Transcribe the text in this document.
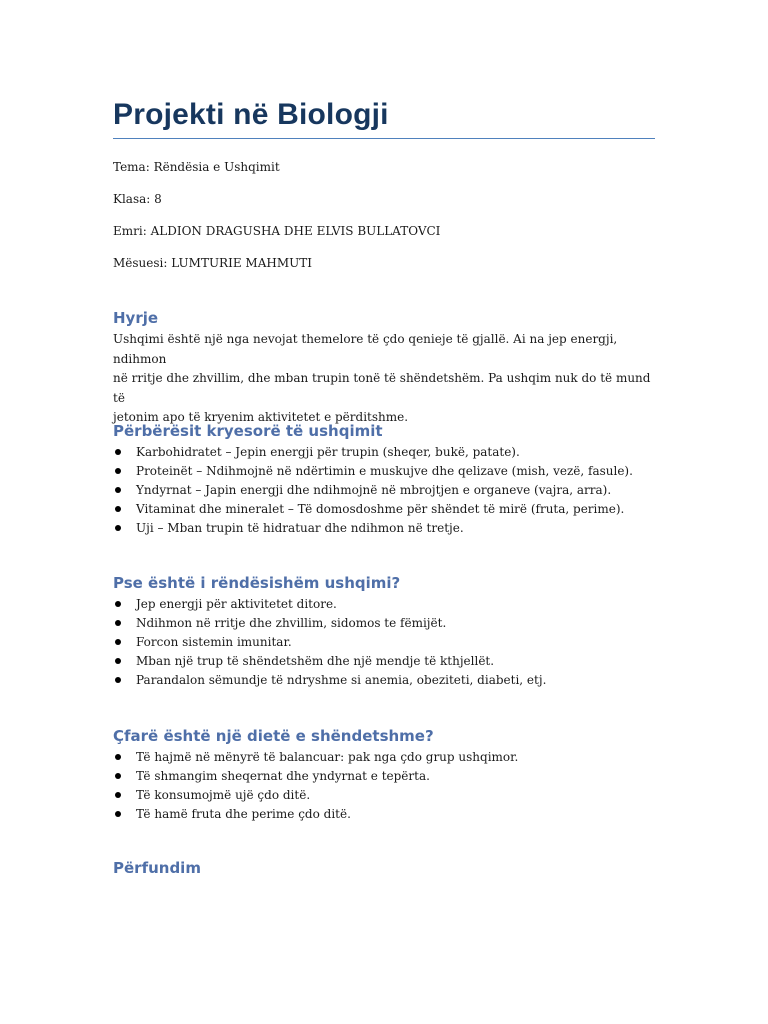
Projekti në Biologji

Tema: Rëndësia e Ushqimit

Klasa: 8

Emri: ALDION DRAGUSHA DHE ELVIS BULLATOVCI

Mësuesi: LUMTURIE MAHMUTI

Hyrje

Ushqimi është një nga nevojat themelore të çdo qenieje të gjallë. Ai na jep energji, ndihmon
në rritje dhe zhvillim, dhe mban trupin tonë të shëndetshëm. Pa ushqim nuk do të mund të
jetonim apo të kryenim aktivitetet e përditshme.

Përbërësit kryesorë të ushqimit
Karbohidratet – Jepin energji për trupin (sheqer, bukë, patate).
Proteinët – Ndihmojnë në ndërtimin e muskujve dhe qelizave (mish, vezë, fasule).
Yndyrnat – Japin energji dhe ndihmojnë në mbrojtjen e organeve (vajra, arra).
Vitaminat dhe mineralet – Të domosdoshme për shëndet të mirë (fruta, perime).
Uji – Mban trupin të hidratuar dhe ndihmon në tretje.
Pse është i rëndësishëm ushqimi?
Jep energji për aktivitetet ditore.
Ndihmon në rritje dhe zhvillim, sidomos te fëmijët.
Forcon sistemin imunitar.
Mban një trup të shëndetshëm dhe një mendje të kthjellët.
Parandalon sëmundje të ndryshme si anemia, obeziteti, diabeti, etj.
Çfarë është një dietë e shëndetshme?
Të hajmë në mënyrë të balancuar: pak nga çdo grup ushqimor.
Të shmangim sheqernat dhe yndyrnat e tepërta.
Të konsumojmë ujë çdo ditë.
Të hamë fruta dhe perime çdo ditë.
Përfundim
